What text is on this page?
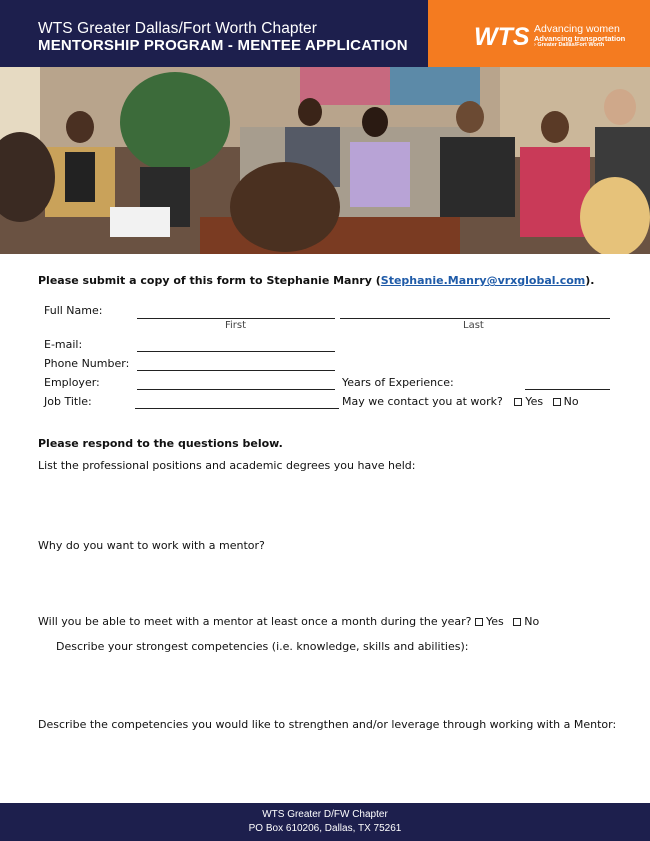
WTS Greater Dallas/Fort Worth Chapter
MENTORSHIP PROGRAM - MENTEE APPLICATION	WTS Advancing women
Advancing transportation
› Greater Dallas/Fort Worth
Please submit a copy of this form to Stephanie Manry (Stephanie.Manry@vrxglobal.com).
Full Name:
First	Last
E-mail:
Phone Number:
Employer:	Years of Experience:
Job Title:	May we contact you at work? Yes No
Please respond to the questions below.
List the professional positions and academic degrees you have held:
Why do you want to work with a mentor?
Will you be able to meet with a mentor at least once a month during the year? Yes No
Describe your strongest competencies (i.e. knowledge, skills and abilities):
Describe the competencies you would like to strengthen and/or leverage through working with a Mentor:
WTS Greater D/FW Chapter
PO Box 610206, Dallas, TX 75261
